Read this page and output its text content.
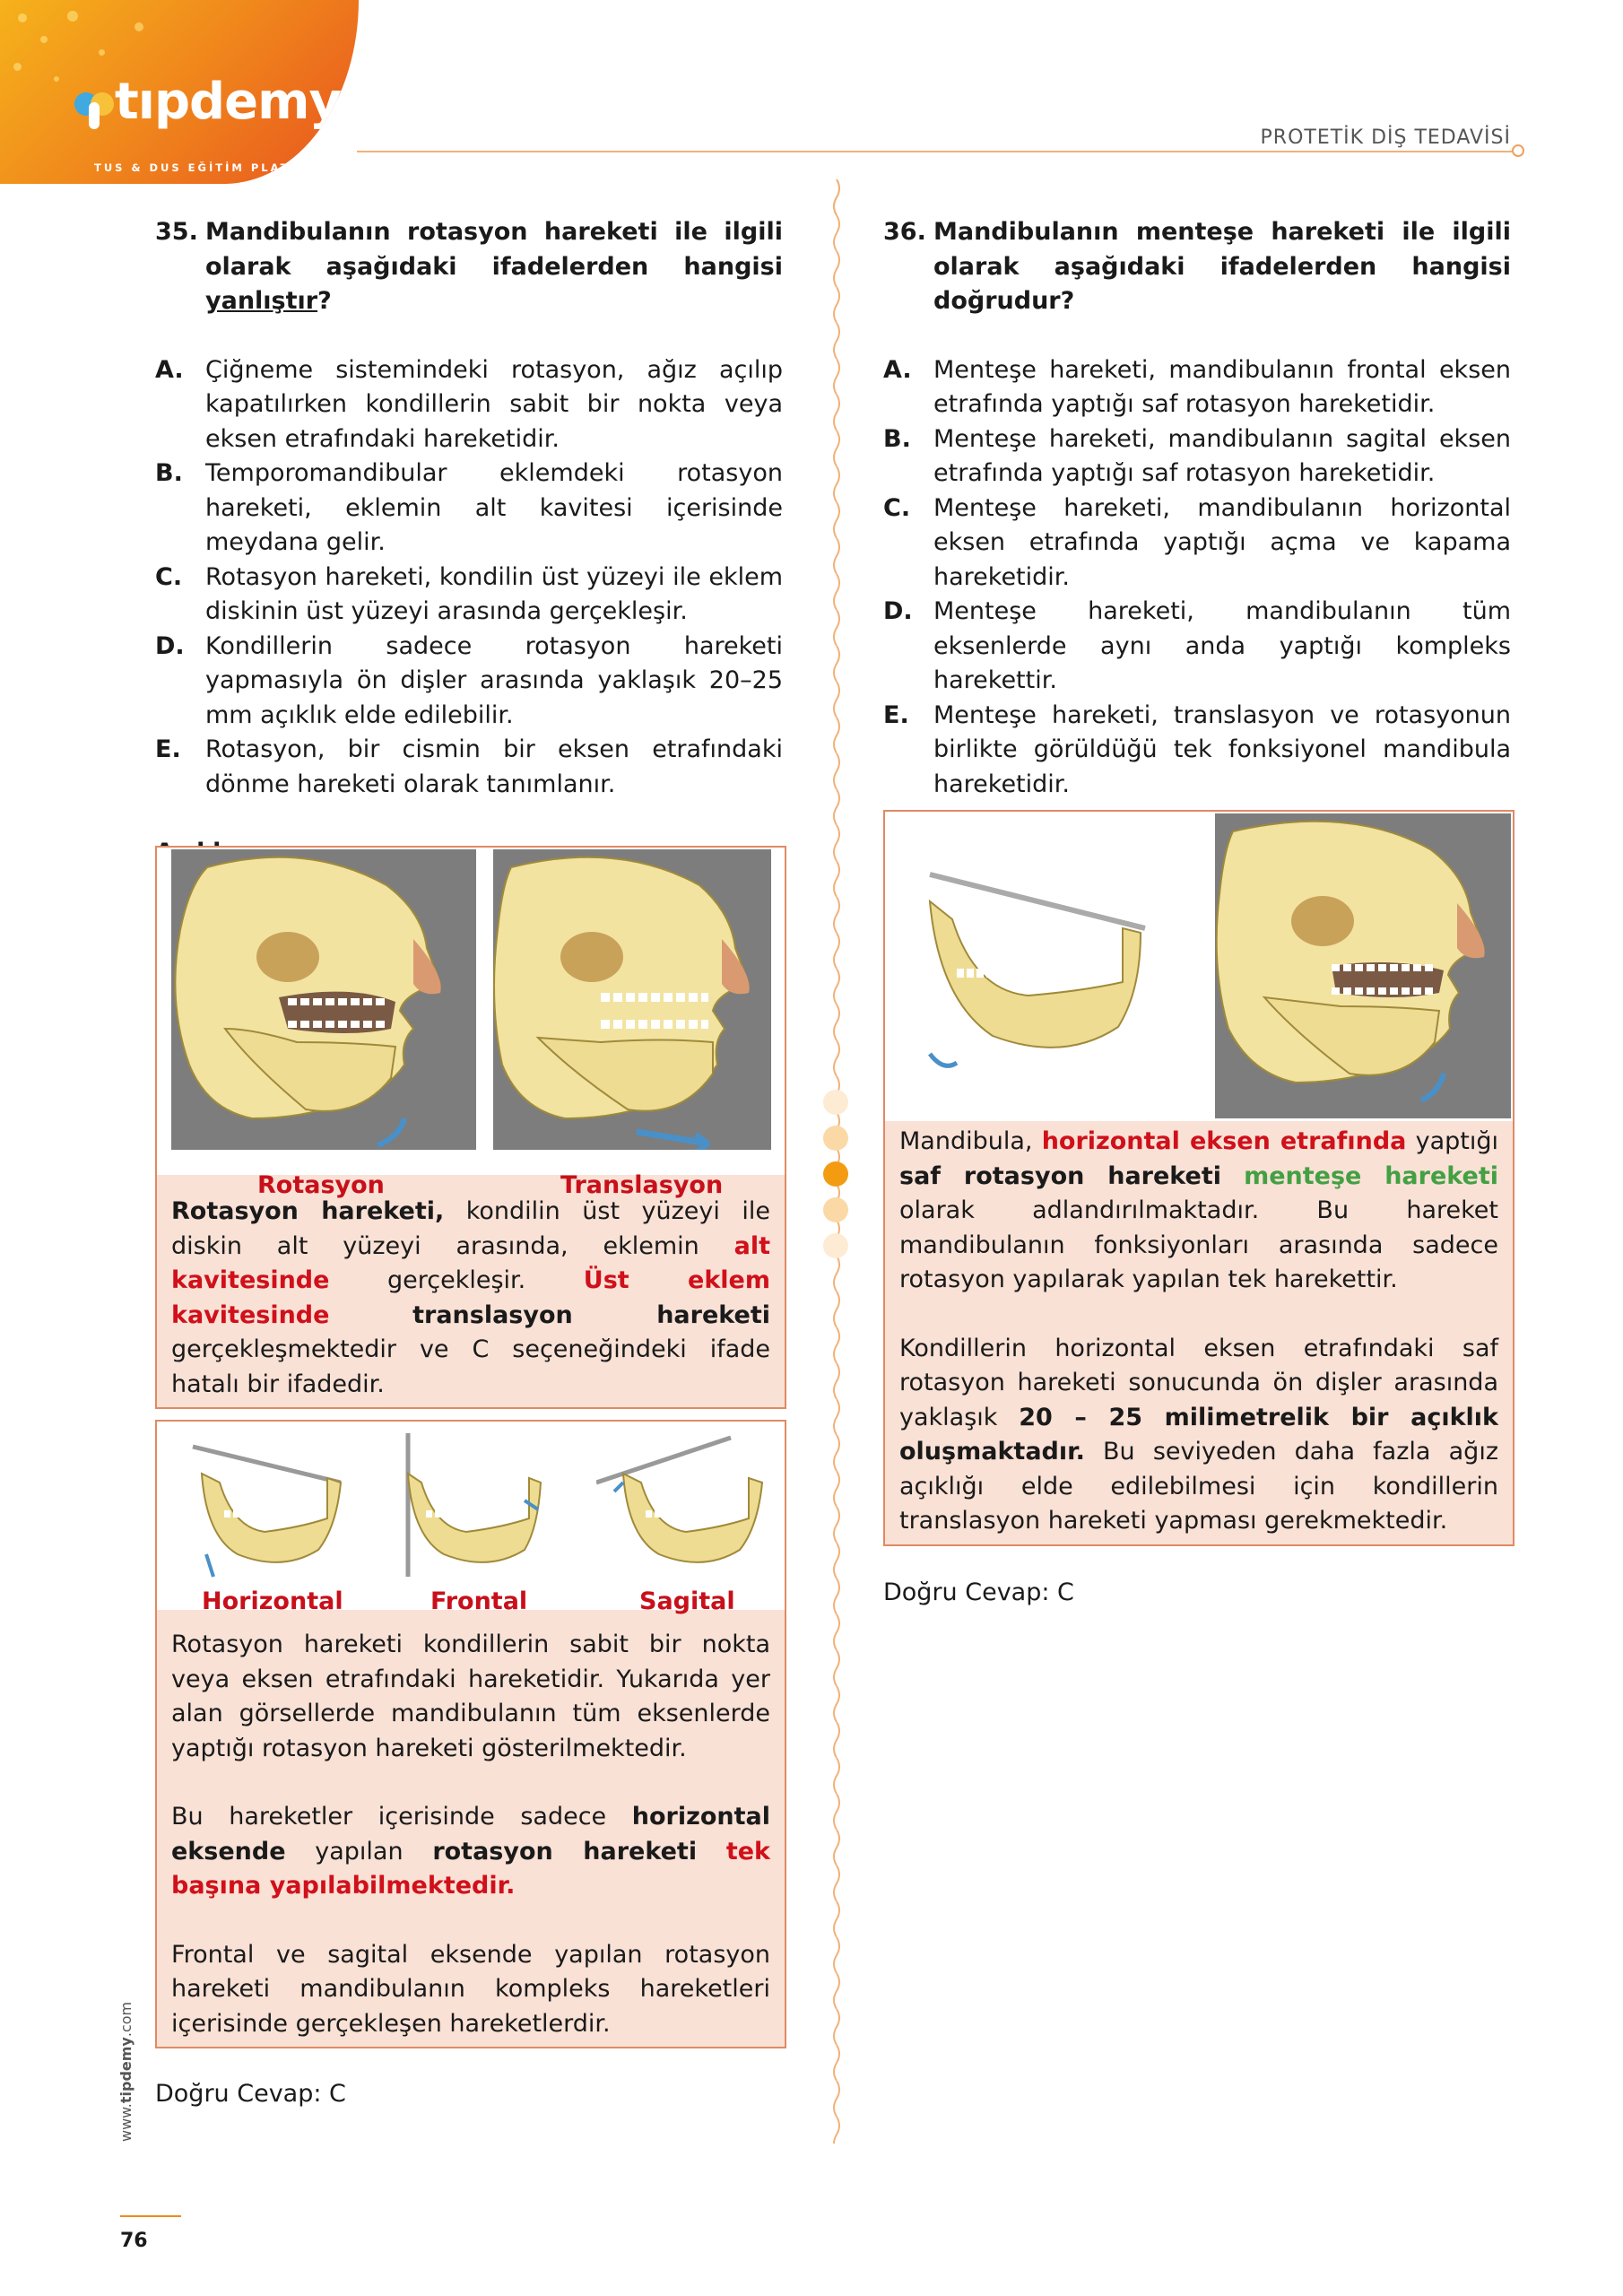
tıpdemy
TUS & DUS EĞİTİM PLATFORMU
PROTETİK DİŞ TEDAVİSİ
35. Mandibulanın rotasyon hareketi ile ilgili olarak aşağıdaki ifadelerden hangisi yanlıştır?
A. Çiğneme sistemindeki rotasyon, ağız açılıp kapatılırken kondillerin sabit bir nokta veya eksen etrafındaki hareketidir.
B. Temporomandibular eklemdeki rotasyon hareketi, eklemin alt kavitesi içerisinde meydana gelir.
C. Rotasyon hareketi, kondilin üst yüzeyi ile eklem diskinin üst yüzeyi arasında gerçekleşir.
D. Kondillerin sadece rotasyon hareketi yapmasıyla ön dişler arasında yaklaşık 20–25 mm açıklık elde edilebilir.
E.	Rotasyon, bir cismin bir eksen etrafındaki dönme hareketi olarak tanımlanır.
Rotasyon	Translasyon
Rotasyon hareketi, kondilin üst yüzeyi ile diskin alt yüzeyi arasında, eklemin alt kavitesinde gerçekleşir. Üst eklem kavitesinde	translasyon hareketi gerçekleşmektedir ve C seçeneğindeki ifade hatalı bir ifadedir.
Horizontal	Frontal	Sagital

Rotasyon hareketi kondillerin sabit bir nokta veya eksen etrafındaki hareketidir. Yukarıda yer alan görsellerde mandibulanın tüm eksenlerde yaptığı rotasyon hareketi gösterilmektedir.

Bu hareketler içerisinde sadece horizontal eksende yapılan rotasyon hareketi tek başına yapılabilmektedir.

Frontal ve sagital eksende yapılan rotasyon hareketi mandibulanın kompleks hareketleri içerisinde gerçekleşen hareketlerdir.

Doğru Cevap: C
36. Mandibulanın menteşe hareketi ile ilgili olarak aşağıdaki ifadelerden hangisi doğrudur?
A. Menteşe hareketi, mandibulanın frontal eksen etrafında yaptığı saf rotasyon hareketidir.
B. Menteşe hareketi, mandibulanın sagital eksen etrafında yaptığı saf rotasyon hareketidir.
C. Menteşe hareketi, mandibulanın horizontal eksen etrafında yaptığı açma ve kapama hareketidir.
D. Menteşe hareketi, mandibulanın tüm eksenlerde aynı anda yaptığı kompleks harekettir.
E.	Menteşe hareketi, translasyon ve rotasyonun birlikte görüldüğü tek fonksiyonel mandibula hareketidir.

Mandibula, horizontal eksen etrafında yaptığı saf rotasyon hareketi menteşe hareketi olarak adlandırılmaktadır. Bu hareket mandibulanın fonksiyonları arasında sadece rotasyon yapılarak yapılan tek harekettir.

Kondillerin horizontal eksen etrafındaki saf rotasyon hareketi sonucunda ön dişler arasında yaklaşık 20 – 25 milimetrelik bir açıklık oluşmaktadır. Bu seviyeden daha fazla ağız açıklığı elde edilebilmesi için kondillerin translasyon hareketi yapması gerekmektedir.

Doğru Cevap: C
www.tipdemy.com
76
